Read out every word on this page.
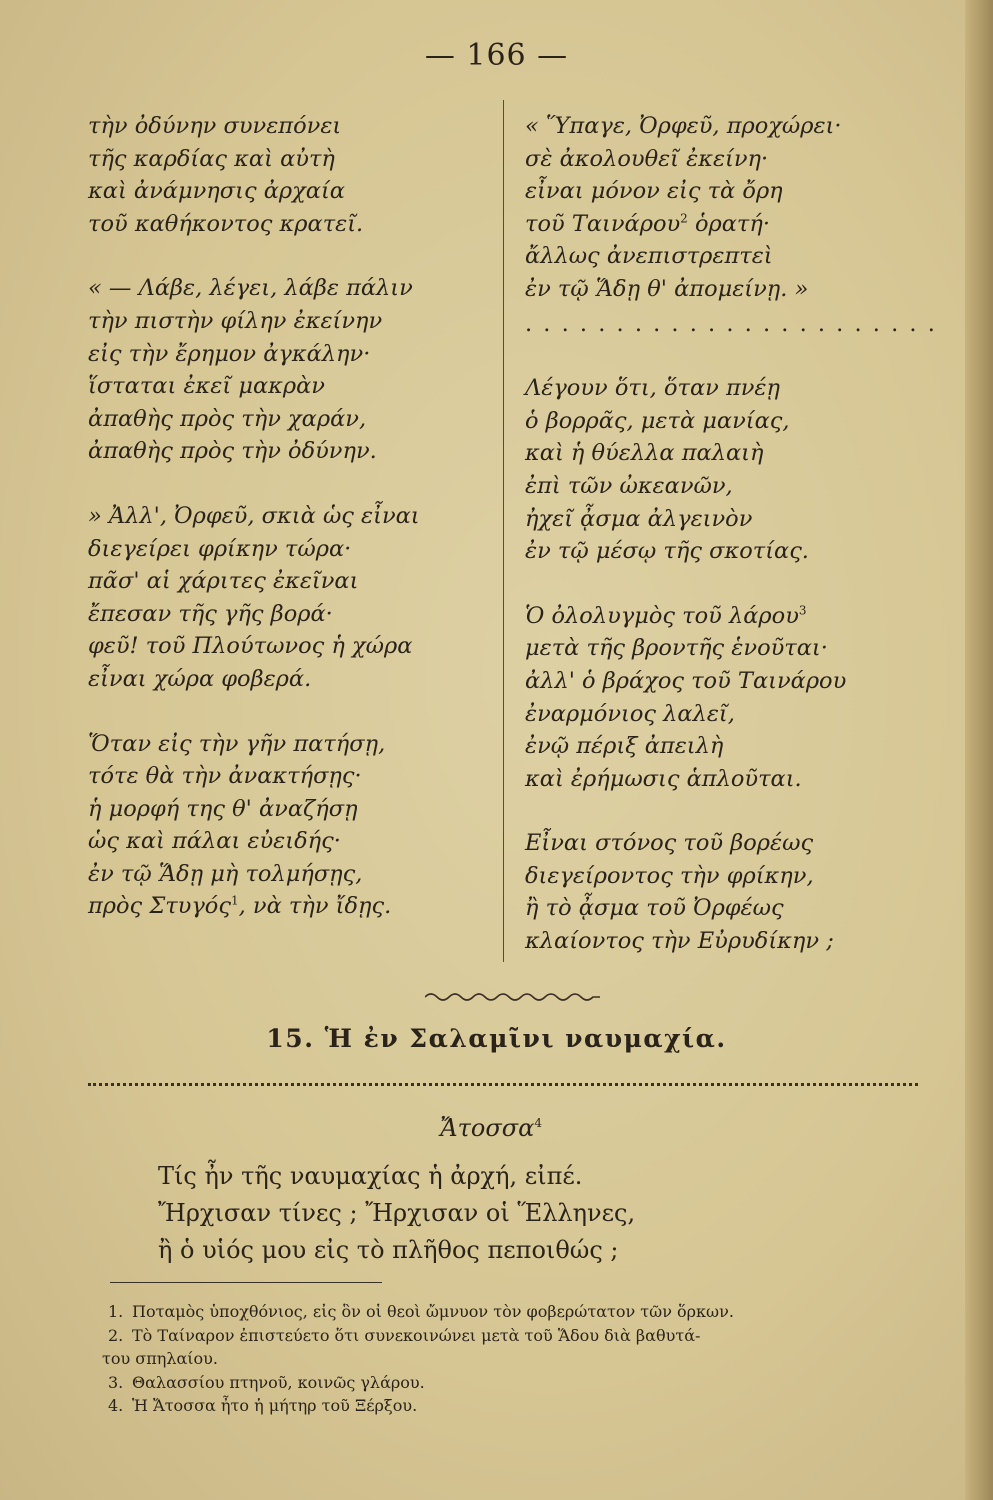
— 166 —
τὴν ὀδύνην συνεπόνει
τῆς καρδίας καὶ αὐτὴ
καὶ ἀνάμνησις ἀρχαία
τοῦ καθήκοντος κρατεῖ.
« — Λάβε, λέγει, λάβε πάλιν
τὴν πιστὴν φίλην ἐκείνην
εἰς τὴν ἔρημον ἀγκάλην·
ἵσταται ἐκεῖ μακρὰν
ἀπαθὴς πρὸς τὴν χαράν,
ἀπαθὴς πρὸς τὴν ὀδύνην.
» Ἀλλ', Ὀρφεῦ, σκιὰ ὡς εἶναι
διεγείρει φρίκην τώρα·
πᾶσ' αἱ χάριτες ἐκεῖναι
ἔπεσαν τῆς γῆς βορά·
φεῦ! τοῦ Πλούτωνος ἡ χώρα
εἶναι χώρα φοβερά.
Ὅταν εἰς τὴν γῆν πατήσῃ,
τότε θὰ τὴν ἀνακτήσῃς·
ἡ μορφή της θ' ἀναζήσῃ
ὡς καὶ πάλαι εὐειδής·
ἐν τῷ Ἅδῃ μὴ τολμήσῃς,
πρὸς Στυγός$^1$, νὰ τὴν ἴδῃς.
« Ὕπαγε, Ὀρφεῦ, προχώρει·
σὲ ἀκολουθεῖ ἐκείνη·
εἶναι μόνον εἰς τὰ ὄρη
τοῦ Ταινάρου$^2$ ὁρατή·
ἄλλως ἀνεπιστρεπτεὶ
ἐν τῷ Ἅδῃ θ' ἀπομείνῃ. »
. . . . . . . . . . . . . . . . . . . . . . .
Λέγουν ὅτι, ὅταν πνέῃ
ὁ βορρᾶς, μετὰ μανίας,
καὶ ἡ θύελλα παλαιὴ
ἐπὶ τῶν ὠκεανῶν,
ἠχεῖ ᾆσμα ἀλγεινὸν
ἐν τῷ μέσῳ τῆς σκοτίας.
Ὁ ὀλολυγμὸς τοῦ λάρου$^3$
μετὰ τῆς βροντῆς ἑνοῦται·
ἀλλ' ὁ βράχος τοῦ Ταινάρου
ἐναρμόνιος λαλεῖ,
ἐνῷ πέριξ ἀπειλὴ
καὶ ἐρήμωσις ἁπλοῦται.
Εἶναι στόνος τοῦ βορέως
διεγείροντος τὴν φρίκην,
ἢ τὸ ᾆσμα τοῦ Ὀρφέως
κλαίοντος τὴν Εὐρυδίκην ;
15. Ἡ ἐν Σαλαμῖνι ναυμαχία.
Ἄτοσσα$^4$
Τίς ἦν τῆς ναυμαχίας ἡ ἀρχή, εἰπέ.
Ἤρχισαν τίνες ; Ἤρχισαν οἱ Ἕλληνες,
ἢ ὁ υἱός μου εἰς τὸ πλῆθος πεποιθώς ;
1. Ποταμὸς ὑποχθόνιος, εἰς ὃν οἱ θεοὶ ὤμνυον τὸν φοβερώτατον τῶν ὅρκων.
2. Τὸ Ταίναρον ἐπιστεύετο ὅτι συνεκοινώνει μετὰ τοῦ Ἅδου διὰ βαθυτά-
του σπηλαίου.
3. Θαλασσίου πτηνοῦ, κοινῶς γλάρου.
4. Ἡ Ἄτοσσα ἦτο ἡ μήτηρ τοῦ Ξέρξου.
